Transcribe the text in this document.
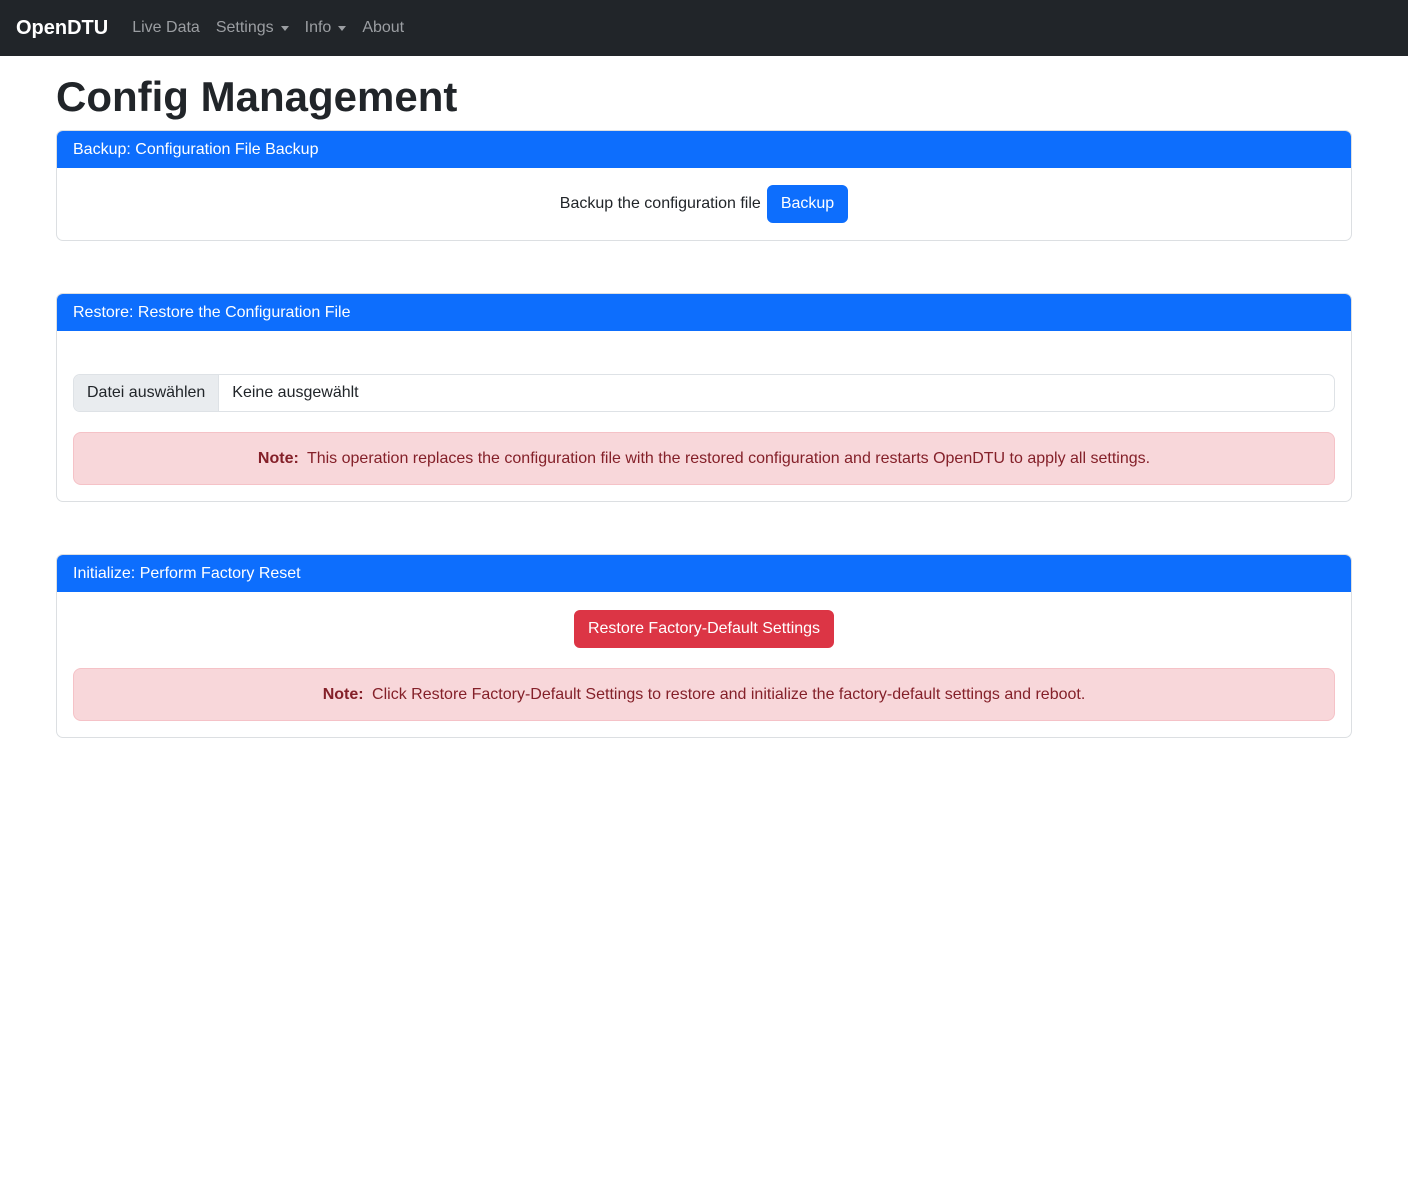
OpenDTU Live Data Settings Info About
Config Management
Backup: Configuration File Backup
Backup the configuration file	Backup
Restore: Restore the Configuration File
Datei auswählen	Keine ausgewählt
Note: This operation replaces the configuration file with the restored configuration and restarts OpenDTU to apply all settings.
Initialize: Perform Factory Reset
Restore Factory-Default Settings
Note: Click Restore Factory-Default Settings to restore and initialize the factory-default settings and reboot.
